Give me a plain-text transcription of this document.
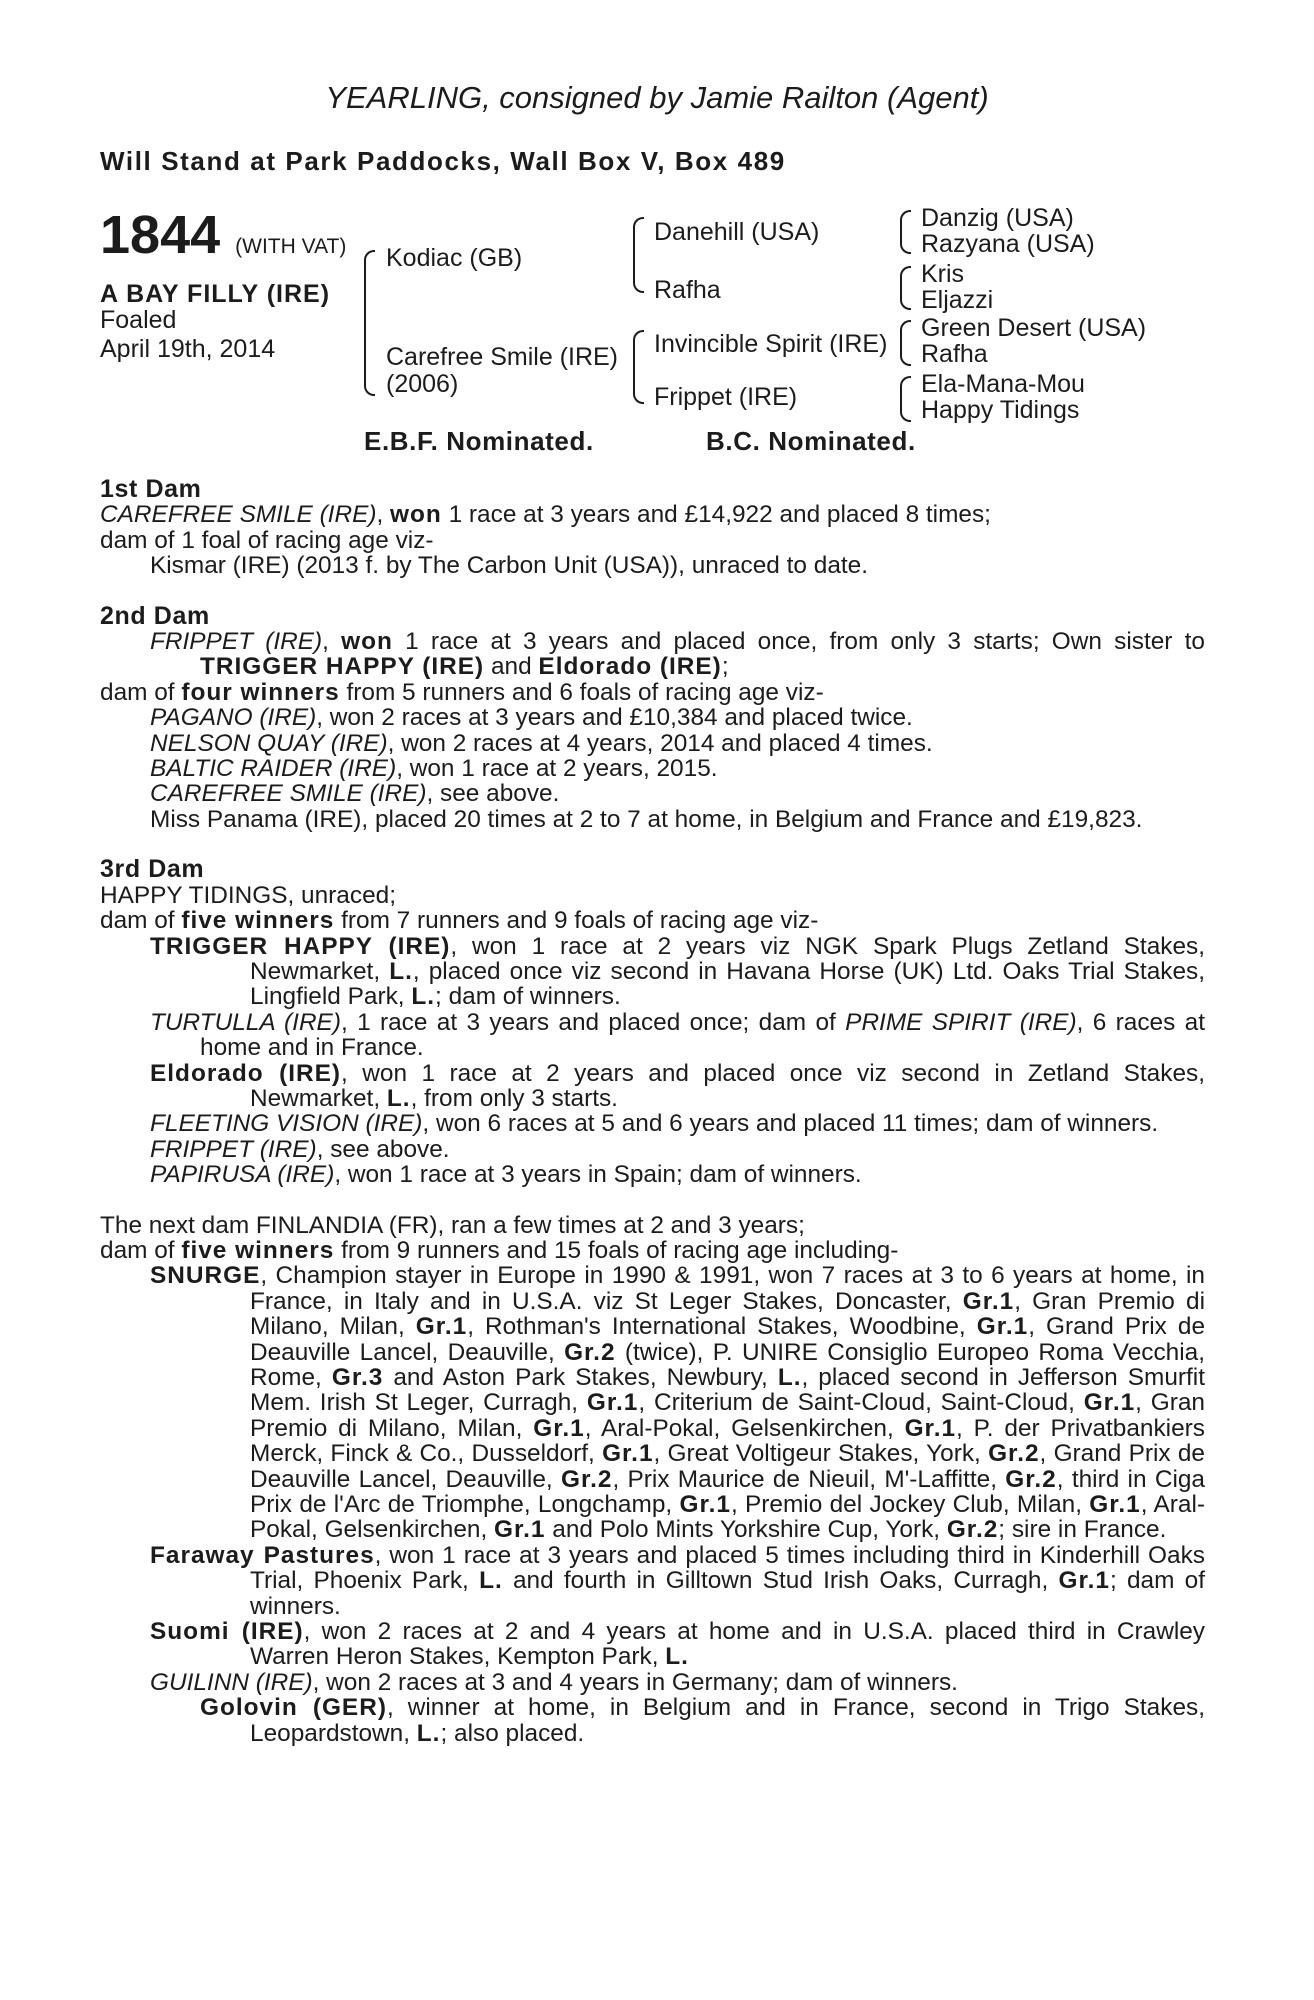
YEARLING, consigned by Jamie Railton (Agent)
Will Stand at Park Paddocks, Wall Box V, Box 489
1844 (WITH VAT)
A BAY FILLY (IRE)
Foaled
April 19th, 2014
Kodiac (GB)
Carefree Smile (IRE)
(2006)
Danehill (USA)
Rafha
Invincible Spirit (IRE)
Frippet (IRE)
Danzig (USA)
Razyana (USA)
Kris
Eljazzi
Green Desert (USA)
Rafha
Ela-Mana-Mou
Happy Tidings
E.B.F. Nominated.	B.C. Nominated.

1st Dam

CAREFREE SMILE (IRE), won 1 race at 3 years and £14,922 and placed 8 times;

dam of 1 foal of racing age viz-

Kismar (IRE) (2013 f. by The Carbon Unit (USA)), unraced to date.

2nd Dam

FRIPPET (IRE), won 1 race at 3 years and placed once, from only 3 starts; Own sister to TRIGGER HAPPY (IRE) and Eldorado (IRE);

dam of four winners from 5 runners and 6 foals of racing age viz-

PAGANO (IRE), won 2 races at 3 years and £10,384 and placed twice.

NELSON QUAY (IRE), won 2 races at 4 years, 2014 and placed 4 times.

BALTIC RAIDER (IRE), won 1 race at 2 years, 2015.

CAREFREE SMILE (IRE), see above.

Miss Panama (IRE), placed 20 times at 2 to 7 at home, in Belgium and France and £19,823.

3rd Dam

HAPPY TIDINGS, unraced;

dam of five winners from 7 runners and 9 foals of racing age viz-

TRIGGER HAPPY (IRE), won 1 race at 2 years viz NGK Spark Plugs Zetland Stakes, Newmarket, L., placed once viz second in Havana Horse (UK) Ltd. Oaks Trial Stakes, Lingfield Park, L.; dam of winners.

TURTULLA (IRE), 1 race at 3 years and placed once; dam of PRIME SPIRIT (IRE), 6 races at home and in France.

Eldorado (IRE), won 1 race at 2 years and placed once viz second in Zetland Stakes, Newmarket, L., from only 3 starts.

FLEETING VISION (IRE), won 6 races at 5 and 6 years and placed 11 times; dam of winners.

FRIPPET (IRE), see above.

PAPIRUSA (IRE), won 1 race at 3 years in Spain; dam of winners.

The next dam FINLANDIA (FR), ran a few times at 2 and 3 years;

dam of five winners from 9 runners and 15 foals of racing age including-

SNURGE, Champion stayer in Europe in 1990 & 1991, won 7 races at 3 to 6 years at home, in France, in Italy and in U.S.A. viz St Leger Stakes, Doncaster, Gr.1, Gran Premio di Milano, Milan, Gr.1, Rothman's International Stakes, Woodbine, Gr.1, Grand Prix de Deauville Lancel, Deauville, Gr.2 (twice), P. UNIRE Consiglio Europeo Roma Vecchia, Rome, Gr.3 and Aston Park Stakes, Newbury, L., placed second in Jefferson Smurfit Mem. Irish St Leger, Curragh, Gr.1, Criterium de Saint-Cloud, Saint-Cloud, Gr.1, Gran Premio di Milano, Milan, Gr.1, Aral-Pokal, Gelsenkirchen, Gr.1, P. der Privatbankiers Merck, Finck & Co., Dusseldorf, Gr.1, Great Voltigeur Stakes, York, Gr.2, Grand Prix de Deauville Lancel, Deauville, Gr.2, Prix Maurice de Nieuil, M'-Laffitte, Gr.2, third in Ciga Prix de l'Arc de Triomphe, Longchamp, Gr.1, Premio del Jockey Club, Milan, Gr.1, Aral-Pokal, Gelsenkirchen, Gr.1 and Polo Mints Yorkshire Cup, York, Gr.2; sire in France.

Faraway Pastures, won 1 race at 3 years and placed 5 times including third in Kinderhill Oaks Trial, Phoenix Park, L. and fourth in Gilltown Stud Irish Oaks, Curragh, Gr.1; dam of winners.

Suomi (IRE), won 2 races at 2 and 4 years at home and in U.S.A. placed third in Crawley Warren Heron Stakes, Kempton Park, L.

GUILINN (IRE), won 2 races at 3 and 4 years in Germany; dam of winners.

Golovin (GER), winner at home, in Belgium and in France, second in Trigo Stakes, Leopardstown, L.; also placed.
